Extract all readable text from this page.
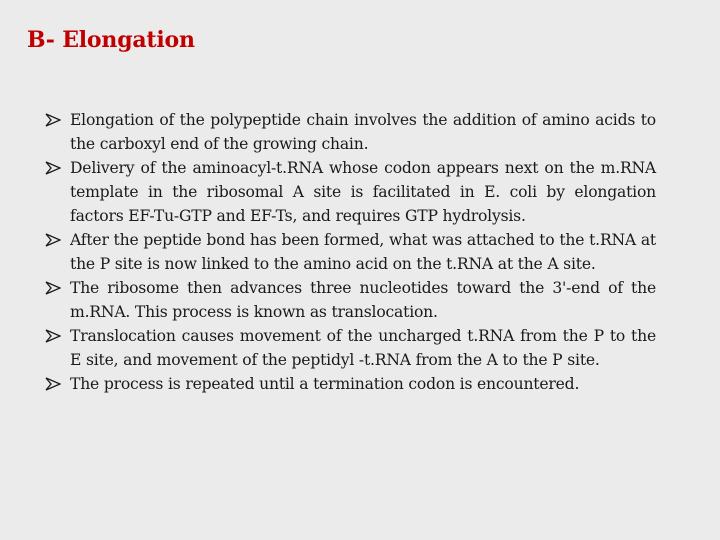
B- Elongation
Elongation of the polypeptide chain involves the addition of amino acids to the carboxyl end of the growing chain.
Delivery of the aminoacyl-t.RNA whose codon appears next on the m.RNA template in the ribosomal A site is facilitated in E. coli by elongation factors EF-Tu-GTP and EF-Ts, and requires GTP hydrolysis.
After the peptide bond has been formed, what was attached to the t.RNA at the P site is now linked to the amino acid on the t.RNA at the A site.
The ribosome then advances three nucleotides toward the 3'-end of the m.RNA. This process is known as translocation.
Translocation causes movement of the uncharged t.RNA from the P to the E site, and movement of the peptidyl -t.RNA from the A to the P site.
The process is repeated until a termination codon is encountered.
